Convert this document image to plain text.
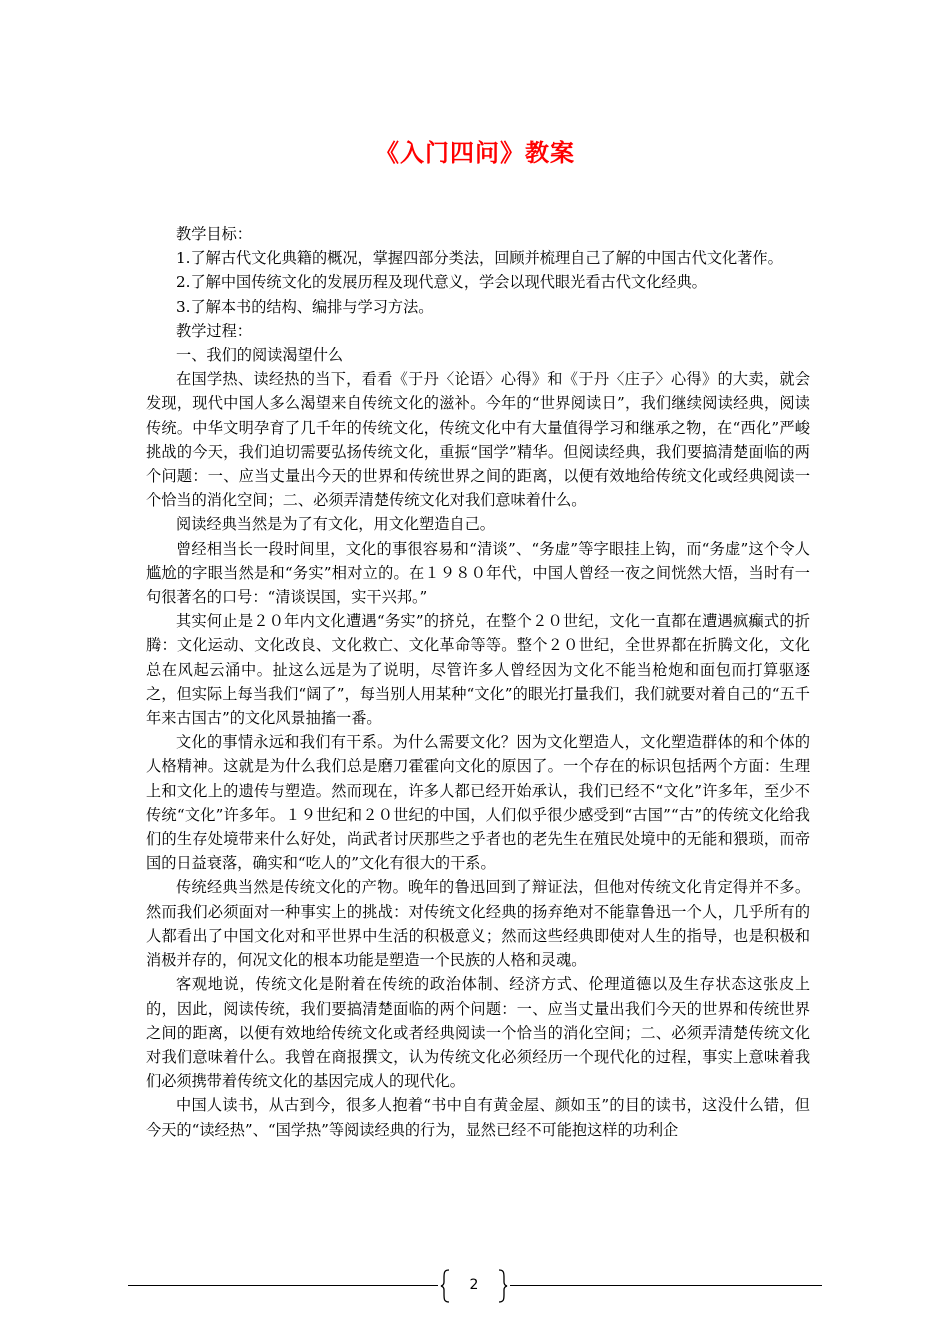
《入门四问》教案

教学目标：

1.了解古代文化典籍的概况，掌握四部分类法，回顾并梳理自己了解的中国古代文化著作。

2.了解中国传统文化的发展历程及现代意义，学会以现代眼光看古代文化经典。

3.了解本书的结构、编排与学习方法。

教学过程：

一、我们的阅读渴望什么

在国学热、读经热的当下，看看《于丹〈论语〉心得》和《于丹〈庄子〉心得》的大卖，就会发现，现代中国人多么渴望来自传统文化的滋补。今年的“世界阅读日”，我们继续阅读经典，阅读传统。中华文明孕育了几千年的传统文化，传统文化中有大量值得学习和继承之物，在“西化”严峻挑战的今天，我们迫切需要弘扬传统文化，重振“国学”精华。但阅读经典，我们要搞清楚面临的两个问题：一、应当丈量出今天的世界和传统世界之间的距离，以便有效地给传统文化或经典阅读一个恰当的消化空间；二、必须弄清楚传统文化对我们意味着什么。

阅读经典当然是为了有文化，用文化塑造自己。

曾经相当长一段时间里，文化的事很容易和“清谈”、“务虚”等字眼挂上钩，而“务虚”这个令人尴尬的字眼当然是和“务实”相对立的。在１９８０年代，中国人曾经一夜之间恍然大悟，当时有一句很著名的口号：“清谈误国，实干兴邦。”

其实何止是２０年内文化遭遇“务实”的挤兑，在整个２０世纪，文化一直都在遭遇疯癫式的折腾：文化运动、文化改良、文化救亡、文化革命等等。整个２０世纪，全世界都在折腾文化，文化总在风起云涌中。扯这么远是为了说明，尽管许多人曾经因为文化不能当枪炮和面包而打算驱逐之，但实际上每当我们“阔了”，每当别人用某种“文化”的眼光打量我们，我们就要对着自己的“五千年来古国古”的文化风景抽搐一番。

文化的事情永远和我们有干系。为什么需要文化？因为文化塑造人，文化塑造群体的和个体的人格精神。这就是为什么我们总是磨刀霍霍向文化的原因了。一个存在的标识包括两个方面：生理上和文化上的遗传与塑造。然而现在，许多人都已经开始承认，我们已经不“文化”许多年，至少不传统“文化”许多年。１９世纪和２０世纪的中国，人们似乎很少感受到“古国”“古”的传统文化给我们的生存处境带来什么好处，尚武者讨厌那些之乎者也的老先生在殖民处境中的无能和猥琐，而帝国的日益衰落，确实和“吃人的”文化有很大的干系。

传统经典当然是传统文化的产物。晚年的鲁迅回到了辩证法，但他对传统文化肯定得并不多。然而我们必须面对一种事实上的挑战：对传统文化经典的扬弃绝对不能靠鲁迅一个人，几乎所有的人都看出了中国文化对和平世界中生活的积极意义；然而这些经典即使对人生的指导，也是积极和消极并存的，何况文化的根本功能是塑造一个民族的人格和灵魂。

客观地说，传统文化是附着在传统的政治体制、经济方式、伦理道德以及生存状态这张皮上的，因此，阅读传统，我们要搞清楚面临的两个问题：一、应当丈量出我们今天的世界和传统世界之间的距离，以便有效地给传统文化或者经典阅读一个恰当的消化空间；二、必须弄清楚传统文化对我们意味着什么。我曾在商报撰文，认为传统文化必须经历一个现代化的过程，事实上意味着我们必须携带着传统文化的基因完成人的现代化。

中国人读书，从古到今，很多人抱着“书中自有黄金屋、颜如玉”的目的读书，这没什么错，但今天的“读经热”、“国学热”等阅读经典的行为，显然已经不可能抱这样的功利企

2
